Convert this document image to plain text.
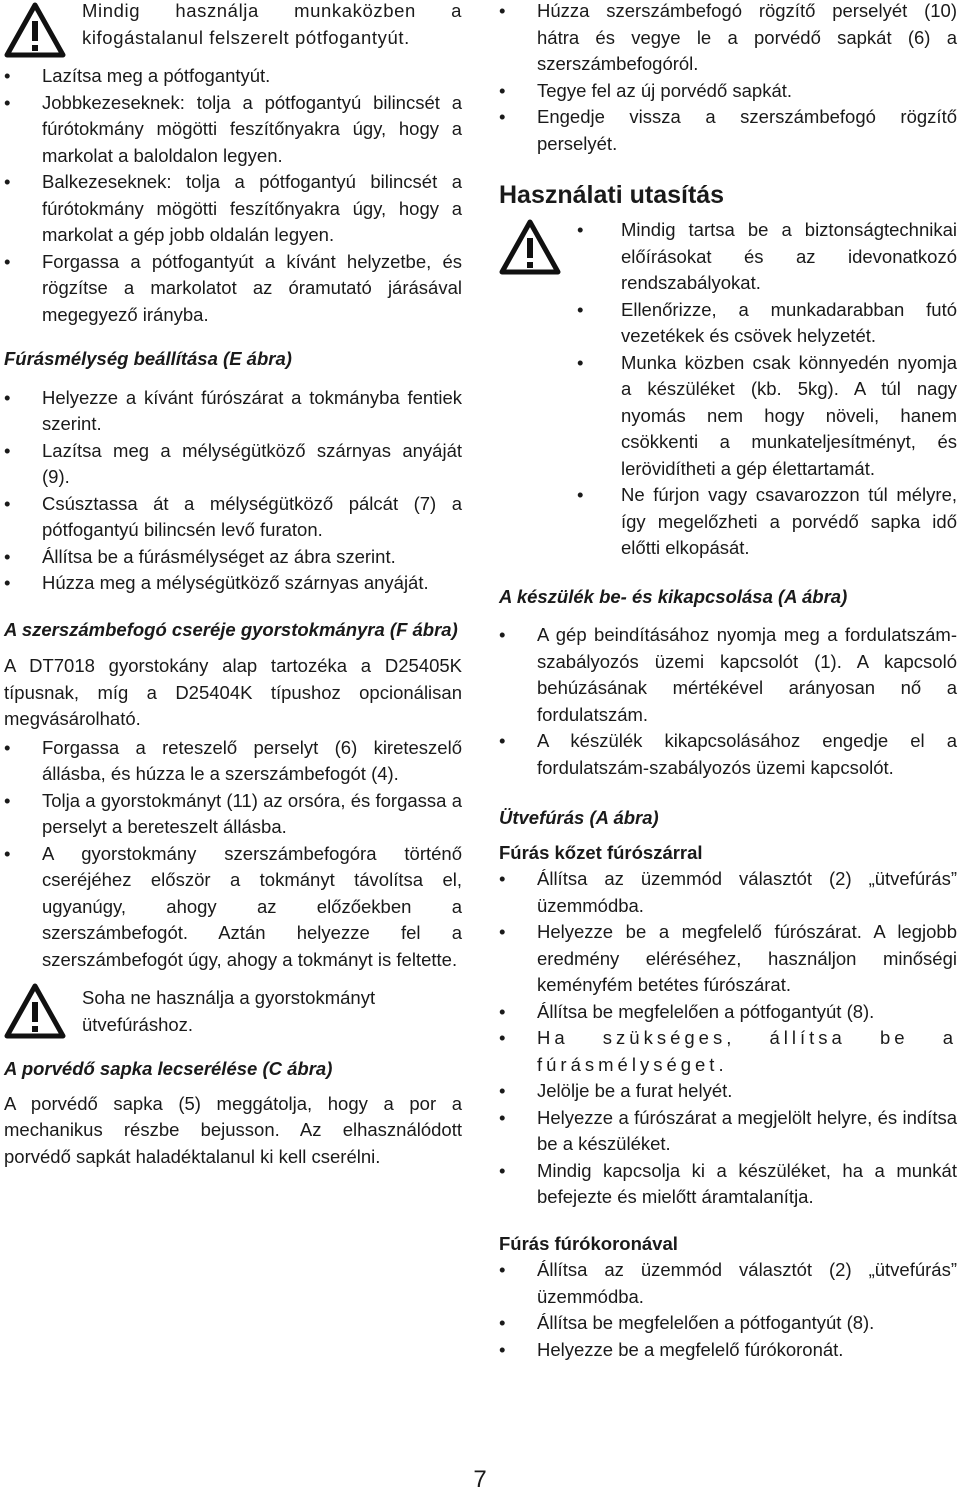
Mindig használja munkaközben a kifogástalanul felszerelt pótfogantyút.

• Lazítsa meg a pótfogantyút.
• Jobbkezeseknek: tolja a pótfogantyú bilincsét a fúrótokmány mögötti feszítőnyakra úgy, hogy a markolat a baloldalon legyen.
• Balkezeseknek: tolja a pótfogantyú bilincsét a fúrótokmány mögötti feszítőnyakra úgy, hogy a markolat a gép jobb oldalán legyen.
• Forgassa a pótfogantyút a kívánt helyzetbe, és rögzítse a markolatot az óramutató járásával megegyező irányba.

Fúrásmélység beállítása (E ábra)

• Helyezze a kívánt fúrószárat a tokmányba fentiek szerint.
• Lazítsa meg a mélységütköző szárnyas anyáját (9).
• Csúsztassa át a mélységütköző pálcát (7) a pótfogantyú bilincsén levő furaton.
• Állítsa be a fúrásmélységet az ábra szerint.
• Húzza meg a mélységütköző szárnyas anyáját.

A szerszámbefogó cseréje gyorstokmányra (F ábra)

A DT7018 gyorstokány alap tartozéka a D25405K típusnak, míg a D25404K típushoz opcionálisan megvásárolható.

• Forgassa a reteszelő perselyt (6) kireteszelő állásba, és húzza le a szerszámbefogót (4).
• Tolja a gyorstokmányt (11) az orsóra, és forgassa a perselyt a bereteszelt állásba.
• A gyorstokmány szerszámbefogóra történő cseréjéhez először a tokmányt távolítsa el, ugyanúgy, ahogy az előzőekben a szerszámbefogót. Aztán helyezze fel a szerszámbefogót úgy, ahogy a tokmányt is feltette.

Soha ne használja a gyorstokmányt ütvefúráshoz.

A porvédő sapka lecserélése (C ábra)

A porvédő sapka (5) meggátolja, hogy a por a mechanikus részbe bejusson. Az elhasználódott porvédő sapkát haladéktalanul ki kell cserélni.

• Húzza szerszámbefogó rögzítő perselyét (10) hátra és vegye le a porvédő sapkát (6) a szerszámbefogóról.
• Tegye fel az új porvédő sapkát.
• Engedje vissza a szerszámbefogó rögzítő perselyét.

Használati utasítás

• Mindig tartsa be a biztonságtechnikai előírásokat és az idevonatkozó rendszabályokat.
• Ellenőrizze, a munkadarabban futó vezetékek és csövek helyzetét.
• Munka közben csak könnyedén nyomja a készüléket (kb. 5kg). A túl nagy nyomás nem hogy növeli, hanem csökkenti a munkateljesítményt, és lerövidítheti a gép élettartamát.
• Ne fúrjon vagy csavarozzon túl mélyre, így megelőzheti a porvédő sapka idő előtti elkopását.

A készülék be- és kikapcsolása (A ábra)

• A gép beindításához nyomja meg a fordulatszám-szabályozós üzemi kapcsolót (1). A kapcsoló behúzásának mértékével arányosan nő a fordulatszám.
• A készülék kikapcsolásához engedje el a fordulatszám-szabályozós üzemi kapcsolót.

Ütvefúrás (A ábra)

Fúrás kőzet fúrószárral

• Állítsa az üzemmód választót (2) „ütvefúrás” üzemmódba.
• Helyezze be a megfelelő fúrószárat. A legjobb eredmény eléréséhez, használjon minőségi keményfém betétes fúrószárat.
• Állítsa be megfelelően a pótfogantyút (8).
• Ha szükséges, állítsa be a fúrásmélységet.
• Jelölje be a furat helyét.
• Helyezze a fúrószárat a megjelölt helyre, és indítsa be a készüléket.
• Mindig kapcsolja ki a készüléket, ha a munkát befejezte és mielőtt áramtalanítja.

Fúrás fúrókoronával

• Állítsa az üzemmód választót (2) „ütvefúrás” üzemmódba.
• Állítsa be megfelelően a pótfogantyút (8).
• Helyezze be a megfelelő fúrókoronát.
7
